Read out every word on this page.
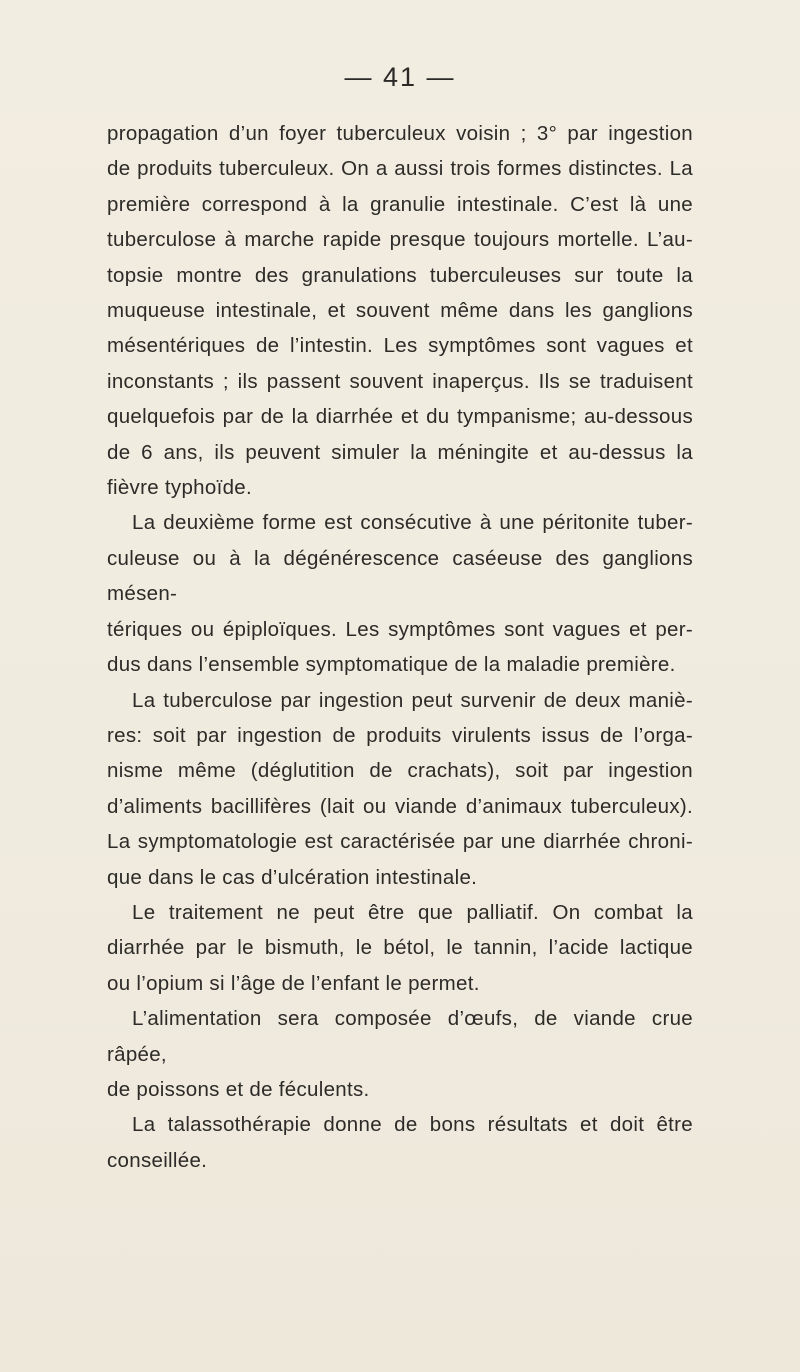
— 41 —
propagation d’un foyer tuberculeux voisin ; 3° par ingestion
de produits tuberculeux. On a aussi trois formes distinctes. La
première correspond à la granulie intestinale. C’est là une
tuberculose à marche rapide presque toujours mortelle. L’au-
topsie montre des granulations tuberculeuses sur toute la
muqueuse intestinale, et souvent même dans les ganglions
mésentériques de l’intestin. Les symptômes sont vagues et
inconstants ; ils passent souvent inaperçus. Ils se traduisent
quelquefois par de la diarrhée et du tympanisme; au-dessous
de 6 ans, ils peuvent simuler la méningite et au-dessus la
fièvre typhoïde.
La deuxième forme est consécutive à une péritonite tuber-
culeuse ou à la dégénérescence caséeuse des ganglions mésen-
tériques ou épiploïques. Les symptômes sont vagues et per-
dus dans l’ensemble symptomatique de la maladie première.
La tuberculose par ingestion peut survenir de deux maniè-
res: soit par ingestion de produits virulents issus de l’orga-
nisme même (déglutition de crachats), soit par ingestion
d’aliments bacillifères (lait ou viande d’animaux tuberculeux).
La symptomatologie est caractérisée par une diarrhée chroni-
que dans le cas d’ulcération intestinale.
Le traitement ne peut être que palliatif. On combat la
diarrhée par le bismuth, le bétol, le tannin, l’acide lactique
ou l’opium si l’âge de l’enfant le permet.
L’alimentation sera composée d’œufs, de viande crue râpée,
de poissons et de féculents.
La talassothérapie donne de bons résultats et doit être
conseillée.
